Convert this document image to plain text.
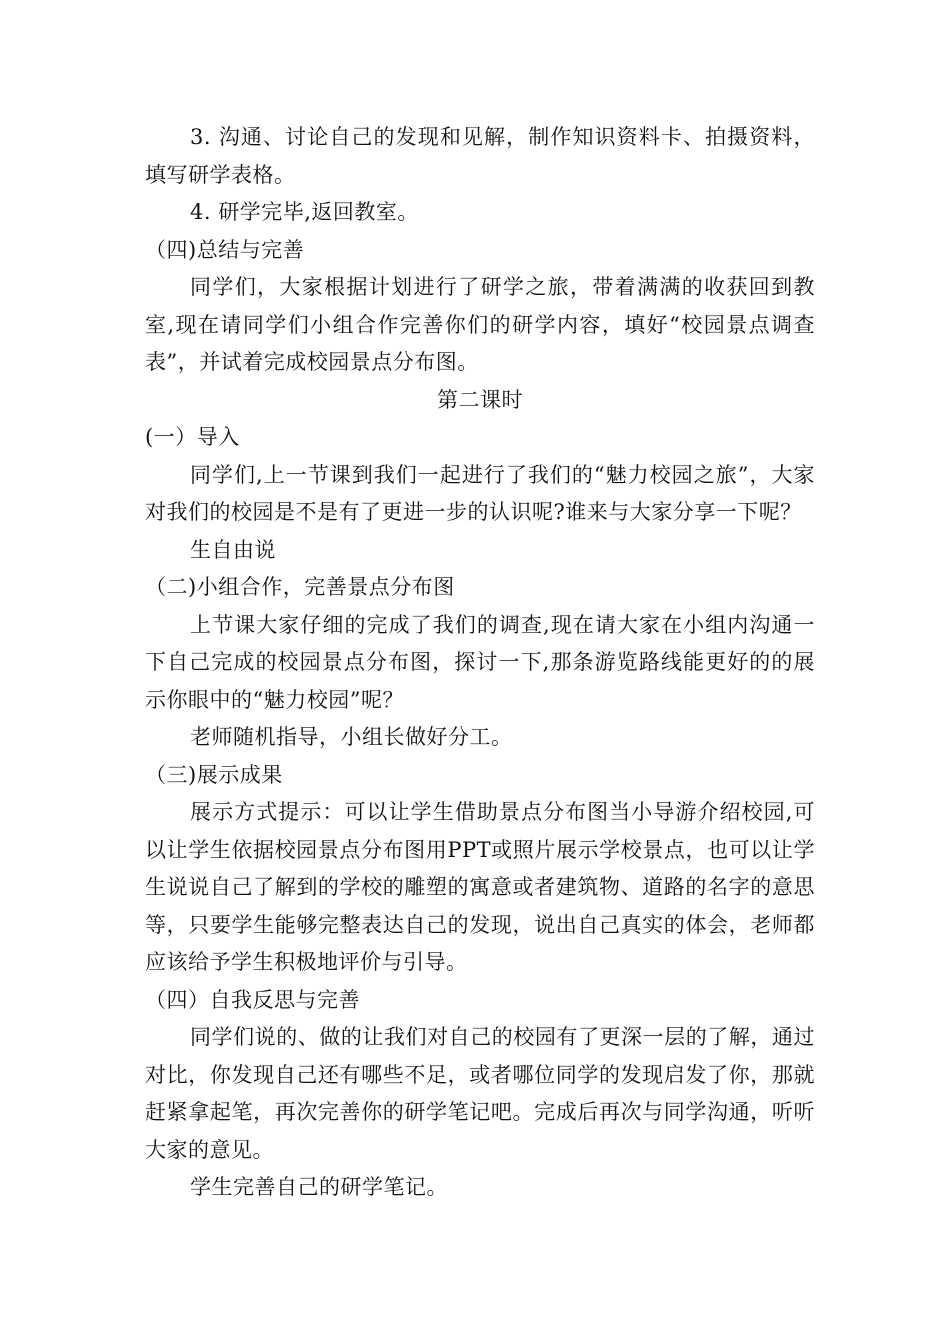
3. 沟通、讨论自己的发现和见解，制作知识资料卡、拍摄资料，填写研学表格。

4. 研学完毕,返回教室。

（四)总结与完善

同学们，大家根据计划进行了研学之旅，带着满满的收获回到教室,现在请同学们小组合作完善你们的研学内容，填好“校园景点调查表”，并试着完成校园景点分布图。

第二课时

(一）导入

同学们,上一节课到我们一起进行了我们的“魅力校园之旅”，大家对我们的校园是不是有了更进一步的认识呢?谁来与大家分享一下呢？

生自由说

（二)小组合作，完善景点分布图

上节课大家仔细的完成了我们的调查,现在请大家在小组内沟通一下自己完成的校园景点分布图，探讨一下,那条游览路线能更好的的展示你眼中的“魅力校园”呢？

老师随机指导，小组长做好分工。

（三)展示成果

展示方式提示：可以让学生借助景点分布图当小导游介绍校园,可以让学生依据校园景点分布图用PPT或照片展示学校景点，也可以让学生说说自己了解到的学校的雕塑的寓意或者建筑物、道路的名字的意思等，只要学生能够完整表达自己的发现，说出自己真实的体会，老师都应该给予学生积极地评价与引导。

（四）自我反思与完善

同学们说的、做的让我们对自己的校园有了更深一层的了解，通过对比，你发现自己还有哪些不足，或者哪位同学的发现启发了你，那就赶紧拿起笔，再次完善你的研学笔记吧。完成后再次与同学沟通，听听大家的意见。

学生完善自己的研学笔记。
